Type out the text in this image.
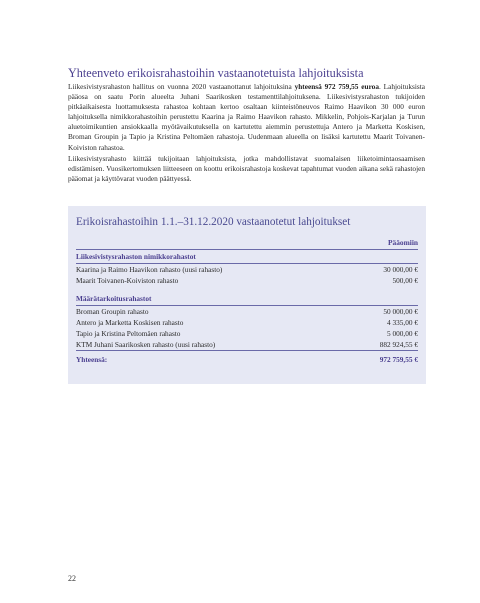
Yhteenveto erikoisrahastoihin vastaanotetuista lahjoituksista

Liikesivistysrahaston hallitus on vuonna 2020 vastaanottanut lahjoituksina yhteensä 972 759,55 euroa. Lahjoituksista pääosa on saatu Porin alueelta Juhani Saarikosken testamenttilahjoituksena. Liikesivistysrahaston tukijoiden pitkäaikaisesta luottamuksesta rahastoa kohtaan kertoo osaltaan kiinteistöneuvos Raimo Haavikon 30 000 euron lahjoituksella nimikkorahastoihin perustettu Kaarina ja Raimo Haavikon rahasto. Mikkelin, Pohjois-Karjalan ja Turun aluetoimikuntien ansiokkaalla myötävaikutuksella on kartutettu aiemmin perustettuja Antero ja Marketta Koskisen, Broman Groupin ja Tapio ja Kristina Peltomäen rahastoja. Uudenmaan alueella on lisäksi kartutettu Maarit Toivanen-Koiviston rahastoa.

Liikesivistysrahasto kiittää tukijoitaan lahjoituksista, jotka mahdollistavat suomalaisen liiketoimintaosaamisen edistämisen. Vuosikertomuksen liitteeseen on koottu erikoisrahastoja koskevat tapahtumat vuoden aikana sekä rahastojen pääomat ja käyttövarat vuoden päättyessä.

Erikoisrahastoihin 1.1.–31.12.2020 vastaanotetut lahjoitukset
Pääomiin
Liikesivistysrahaston nimikkorahastot
Kaarina ja Raimo Haavikon rahasto (uusi rahasto)	30 000,00 €
Maarit Toivanen-Koiviston rahasto	500,00 €
Määrätarkoitusrahastot
Broman Groupin rahasto	50 000,00 €
Antero ja Marketta Koskisen rahasto	4 335,00 €
Tapio ja Kristina Peltomäen rahasto	5 000,00 €
KTM Juhani Saarikosken rahasto (uusi rahasto)	882 924,55 €
Yhteensä:	972 759,55 €
22
